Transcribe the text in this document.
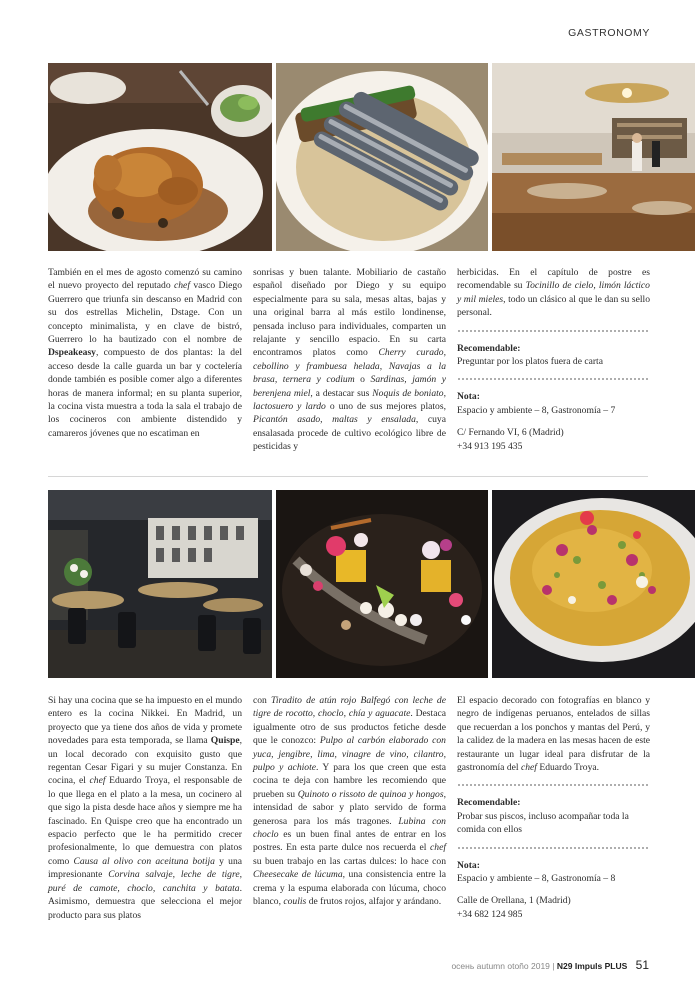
GASTRONOMY

También en el mes de agosto comenzó su camino el nuevo proyecto del reputado chef vasco Diego Guerrero que triunfa sin descanso en Madrid con su dos estrellas Michelin, Dstage. Con un concepto minimalista, y en clave de bistró, Guerrero lo ha bautizado con el nombre de Dspeakeasy, compuesto de dos plantas: la del acceso desde la calle guarda un bar y coctelería donde también es posible comer algo a diferentes horas de manera informal; en su planta superior, la cocina vista muestra a toda la sala el trabajo de los cocineros con ambiente distendido y camareros jóvenes que no escatiman en

sonrisas y buen talante. Mobiliario de castaño español diseñado por Diego y su equipo especialmente para su sala, mesas altas, bajas y una original barra al más estilo londinense, pensada incluso para individuales, comparten un relajante y sencillo espacio. En su carta encontramos platos como Cherry curado, cebollino y frambuesa helada, Navajas a la brasa, ternera y codium o Sardinas, jamón y berenjena miel, a destacar sus Noquis de boniato, lactosuero y lardo o uno de sus mejores platos, Picantón asado, maltas y ensalada, cuya ensalasada procede de cultivo ecológico libre de pesticidas y

herbicidas. En el capítulo de postre es recomendable su Tocinillo de cielo, limón láctico y mil mieles, todo un clásico al que le dan su sello personal.

Recomendable:

Preguntar por los platos fuera de carta

Nota:

Espacio y ambiente – 8, Gastronomía – 7

C/ Fernando VI, 6 (Madrid)

+34 913 195 435

Si hay una cocina que se ha impuesto en el mundo entero es la cocina Nikkei. En Madrid, un proyecto que ya tiene dos años de vida y promete novedades para esta temporada, se llama Quispe, un local decorado con exquisito gusto que regentan Cesar Figari y su mujer Constanza. En cocina, el chef Eduardo Troya, el responsable de lo que llega en el plato a la mesa, un cocinero al que sigo la pista desde hace años y siempre me ha fascinado. En Quispe creo que ha encontrado un espacio perfecto que le ha permitido crecer profesionalmente, lo que demuestra con platos como Causa al olivo con aceituna botija y una impresionante Corvina salvaje, leche de tigre, puré de camote, choclo, canchita y batata. Asimismo, demuestra que selecciona el mejor producto para sus platos

con Tiradito de atún rojo Balfegó con leche de tigre de rocotto, choclo, chía y aguacate. Destaca igualmente otro de sus productos fetiche desde que le conozco: Pulpo al carbón elaborado con yuca, jengibre, lima, vinagre de vino, cilantro, pulpo y achiote. Y para los que creen que esta cocina te deja con hambre les recomiendo que prueben su Quinoto o rissoto de quinoa y hongos, intensidad de sabor y plato servido de forma generosa para los más tragones. Lubina con choclo es un buen final antes de entrar en los postres. En esta parte dulce nos recuerda el chef su buen trabajo en las cartas dulces: lo hace con Cheesecake de lúcuma, una consistencia entre la crema y la espuma elaborada con lúcuma, choco blanco, coulis de frutos rojos, alfajor y arándano.

El espacio decorado con fotografías en blanco y negro de indígenas peruanos, entelados de sillas que recuerdan a los ponchos y mantas del Perú, y la calidez de la madera en las mesas hacen de este restaurante un lugar ideal para disfrutar de la gastronomía del chef Eduardo Troya.

Recomendable:

Probar sus piscos, incluso acompañar toda la comida con ellos

Nota:

Espacio y ambiente – 8, Gastronomía – 8

Calle de Orellana, 1 (Madrid)

+34 682 124 985

осень autumn otoño 2019 | N29 Impuls PLUS 51
